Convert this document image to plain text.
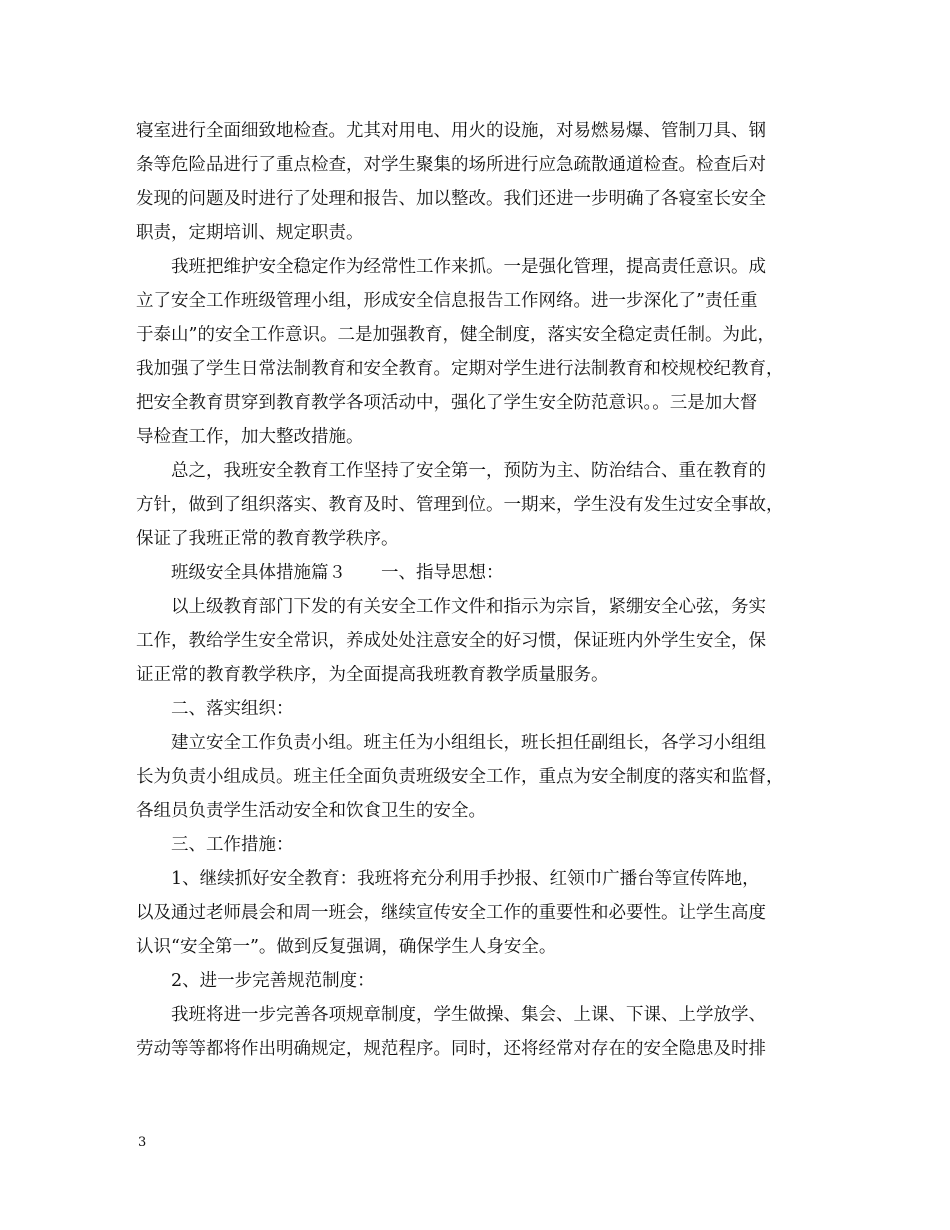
寝室进行全面细致地检查。尤其对用电、用火的设施，对易燃易爆、管制刀具、钢

条等危险品进行了重点检查，对学生聚集的场所进行应急疏散通道检查。检查后对

发现的问题及时进行了处理和报告、加以整改。我们还进一步明确了各寝室长安全

职责，定期培训、规定职责。

我班把维护安全稳定作为经常性工作来抓。一是强化管理，提高责任意识。成

立了安全工作班级管理小组，形成安全信息报告工作网络。进一步深化了”责任重

于泰山”的安全工作意识。二是加强教育，健全制度，落实安全稳定责任制。为此，

我加强了学生日常法制教育和安全教育。定期对学生进行法制教育和校规校纪教育，

把安全教育贯穿到教育教学各项活动中，强化了学生安全防范意识。。三是加大督

导检查工作，加大整改措施。

总之，我班安全教育工作坚持了安全第一，预防为主、防治结合、重在教育的

方针，做到了组织落实、教育及时、管理到位。一期来，学生没有发生过安全事故，

保证了我班正常的教育教学秩序。

班级安全具体措施篇３　　一、指导思想：

以上级教育部门下发的有关安全工作文件和指示为宗旨，紧绷安全心弦，务实

工作，教给学生安全常识，养成处处注意安全的好习惯，保证班内外学生安全，保

证正常的教育教学秩序，为全面提高我班教育教学质量服务。

二、落实组织：

建立安全工作负责小组。班主任为小组组长，班长担任副组长，各学习小组组

长为负责小组成员。班主任全面负责班级安全工作，重点为安全制度的落实和监督，

各组员负责学生活动安全和饮食卫生的安全。

三、工作措施：

1、继续抓好安全教育：我班将充分利用手抄报、红领巾广播台等宣传阵地，

以及通过老师晨会和周一班会，继续宣传安全工作的重要性和必要性。让学生高度

认识“安全第一”。做到反复强调，确保学生人身安全。

2、进一步完善规范制度：

我班将进一步完善各项规章制度，学生做操、集会、上课、下课、上学放学、

劳动等等都将作出明确规定，规范程序。同时，还将经常对存在的安全隐患及时排

3
